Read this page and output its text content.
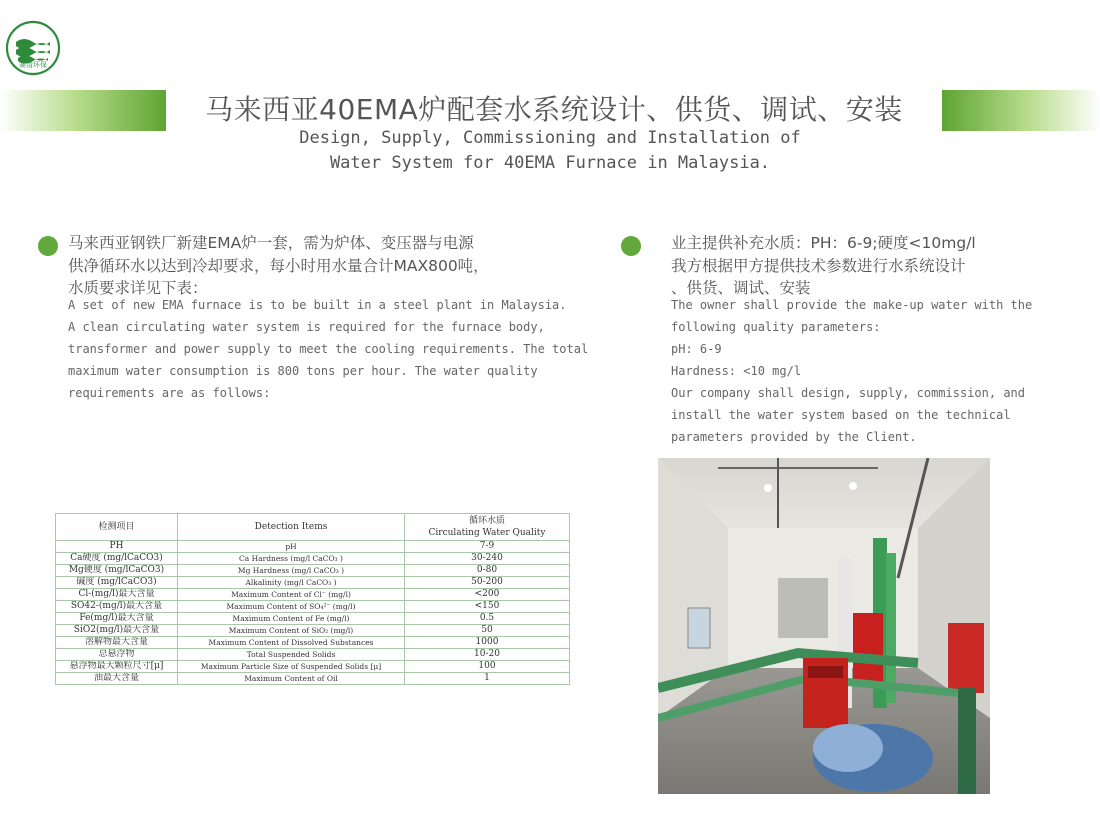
赛清环保
马来西亚40EMA炉配套水系统设计、供货、调试、安装
Design, Supply, Commissioning and Installation of
Water System for 40EMA Furnace in Malaysia.
马来西亚钢铁厂新建EMA炉一套，需为炉体、变压器与电源
供净循环水以达到冷却要求，每小时用水量合计MAX800吨，
水质要求详见下表：
A set of new EMA furnace is to be built in a steel plant in Malaysia.
A clean circulating water system is required for the furnace body,
transformer and power supply to meet the cooling requirements. The total
maximum water consumption is 800 tons per hour. The water quality
requirements are as follows:
业主提供补充水质：PH：6-9;硬度<10mg/l
我方根据甲方提供技术参数进行水系统设计
、供货、调试、安装
The owner shall provide the make-up water with the
following quality parameters:
pH: 6-9
Hardness: <10 mg/l
Our company shall design, supply, commission, and
install the water system based on the technical
parameters provided by the Client.
检测项目	Detection Items	循环水质
Circulating Water Quality
PH	pH	7-9
Ca硬度 (mg/lCaCO3)	Ca Hardness (mg/l CaCO₃ )	30-240
Mg硬度 (mg/lCaCO3)	Mg Hardness (mg/l CaCO₃ )	0-80
碱度 (mg/lCaCO3)	Alkalinity (mg/l CaCO₃ )	50-200
Cl-(mg/l)最大含量	Maximum Content of Cl⁻ (mg/l)	<200
SO42-(mg/l)最大含量	Maximum Content of SO₄²⁻ (mg/l)	<150
Fe(mg/l)最大含量	Maximum Content of Fe (mg/l)	0.5
SiO2(mg/l)最大含量	Maximum Content of SiO₂ (mg/l)	50
溶解物最大含量	Maximum Content of Dissolved Substances	1000
总悬浮物	Total Suspended Solids	10-20
悬浮物最大颗粒尺寸[μ]	Maximum Particle Size of Suspended Solids [μ]	100
油最大含量	Maximum Content of Oil	1
